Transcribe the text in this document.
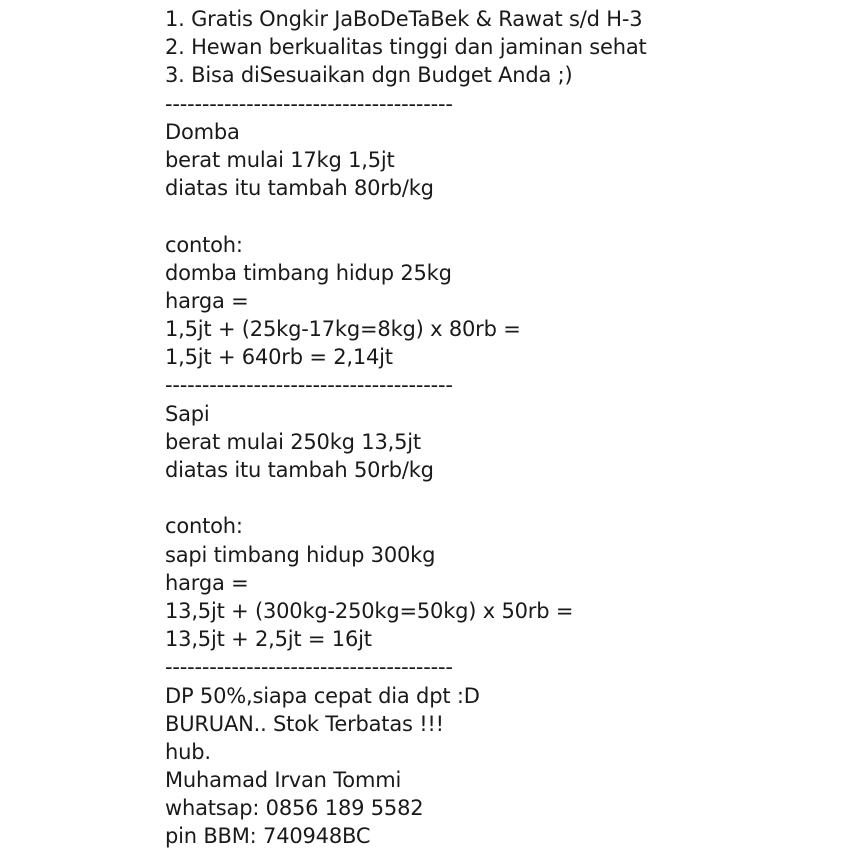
1. Gratis Ongkir JaBoDeTaBek & Rawat s/d H-3
2. Hewan berkualitas tinggi dan jaminan sehat
3. Bisa diSesuaikan dgn Budget Anda ;)
---------------------------------------
Domba
berat mulai 17kg 1,5jt
diatas itu tambah 80rb/kg
contoh:
domba timbang hidup 25kg
harga =
1,5jt + (25kg-17kg=8kg) x 80rb =
1,5jt + 640rb = 2,14jt
---------------------------------------
Sapi
berat mulai 250kg 13,5jt
diatas itu tambah 50rb/kg
contoh:
sapi timbang hidup 300kg
harga =
13,5jt + (300kg-250kg=50kg) x 50rb =
13,5jt + 2,5jt = 16jt
---------------------------------------
DP 50%,siapa cepat dia dpt :D
BURUAN.. Stok Terbatas !!!
hub.
Muhamad Irvan Tommi
whatsap: 0856 189 5582
pin BBM: 740948BC
